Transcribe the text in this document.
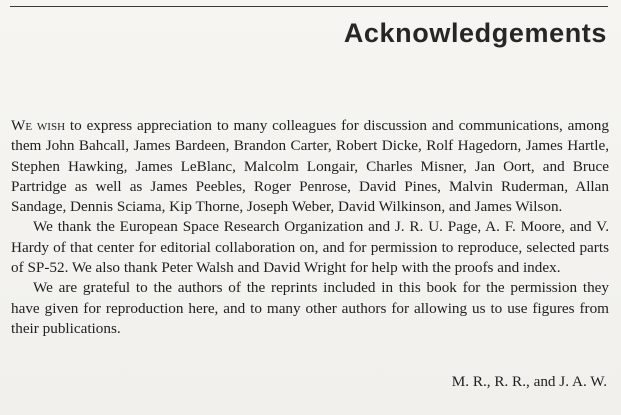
Acknowledgements

We wish to express appreciation to many colleagues for discussion and communications, among them John Bahcall, James Bardeen, Brandon Carter, Robert Dicke, Rolf Hagedorn, James Hartle, Stephen Hawking, James LeBlanc, Malcolm Longair, Charles Misner, Jan Oort, and Bruce Partridge as well as James Peebles, Roger Penrose, David Pines, Malvin Ruderman, Allan Sandage, Dennis Sciama, Kip Thorne, Joseph Weber, David Wilkinson, and James Wilson.

We thank the European Space Research Organization and J. R. U. Page, A. F. Moore, and V. Hardy of that center for editorial collaboration on, and for permission to reproduce, selected parts of SP-52. We also thank Peter Walsh and David Wright for help with the proofs and index.

We are grateful to the authors of the reprints included in this book for the permission they have given for reproduction here, and to many other authors for allowing us to use figures from their publications.

M. R., R. R., and J. A. W.
